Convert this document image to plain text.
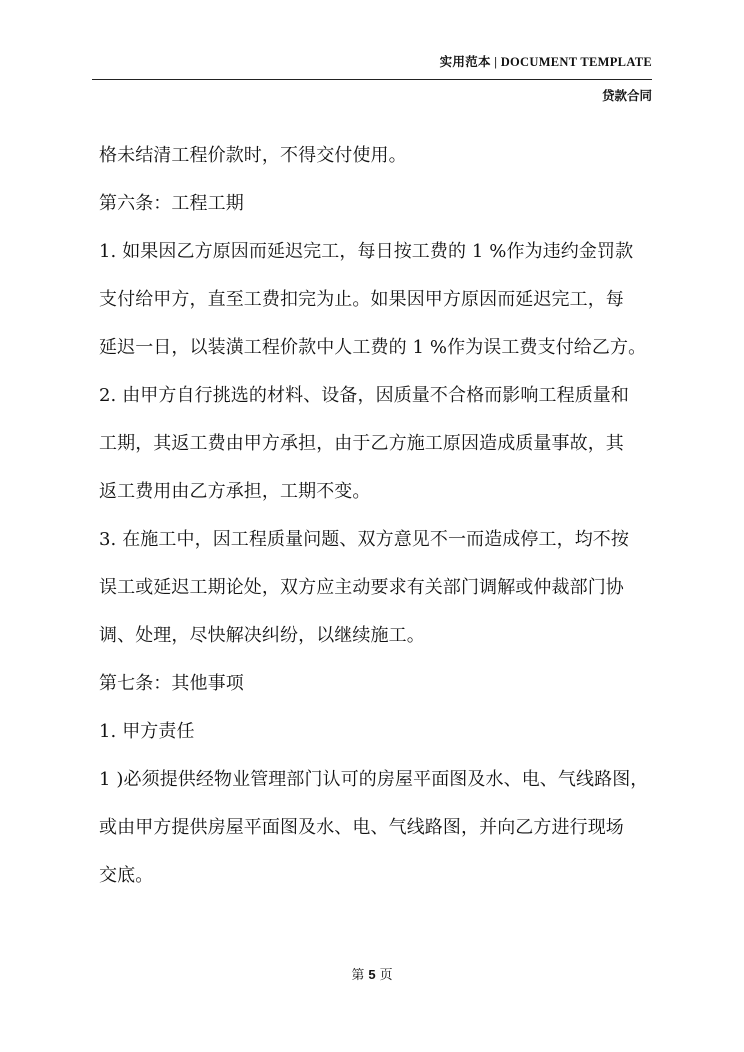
实用范本 | DOCUMENT TEMPLATE
贷款合同
格未结清工程价款时，不得交付使用。
第六条：工程工期
1. 如果因乙方原因而延迟完工，每日按工费的 1 %作为违约金罚款
支付给甲方，直至工费扣完为止。如果因甲方原因而延迟完工，每
延迟一日，以装潢工程价款中人工费的 1 %作为误工费支付给乙方。
2. 由甲方自行挑选的材料、设备，因质量不合格而影响工程质量和
工期，其返工费由甲方承担，由于乙方施工原因造成质量事故，其
返工费用由乙方承担，工期不变。
3. 在施工中，因工程质量问题、双方意见不一而造成停工，均不按
误工或延迟工期论处，双方应主动要求有关部门调解或仲裁部门协
调、处理，尽快解决纠纷，以继续施工。
第七条：其他事项
1. 甲方责任
1 )必须提供经物业管理部门认可的房屋平面图及水、电、气线路图，
或由甲方提供房屋平面图及水、电、气线路图，并向乙方进行现场
交底。
第 5 页
